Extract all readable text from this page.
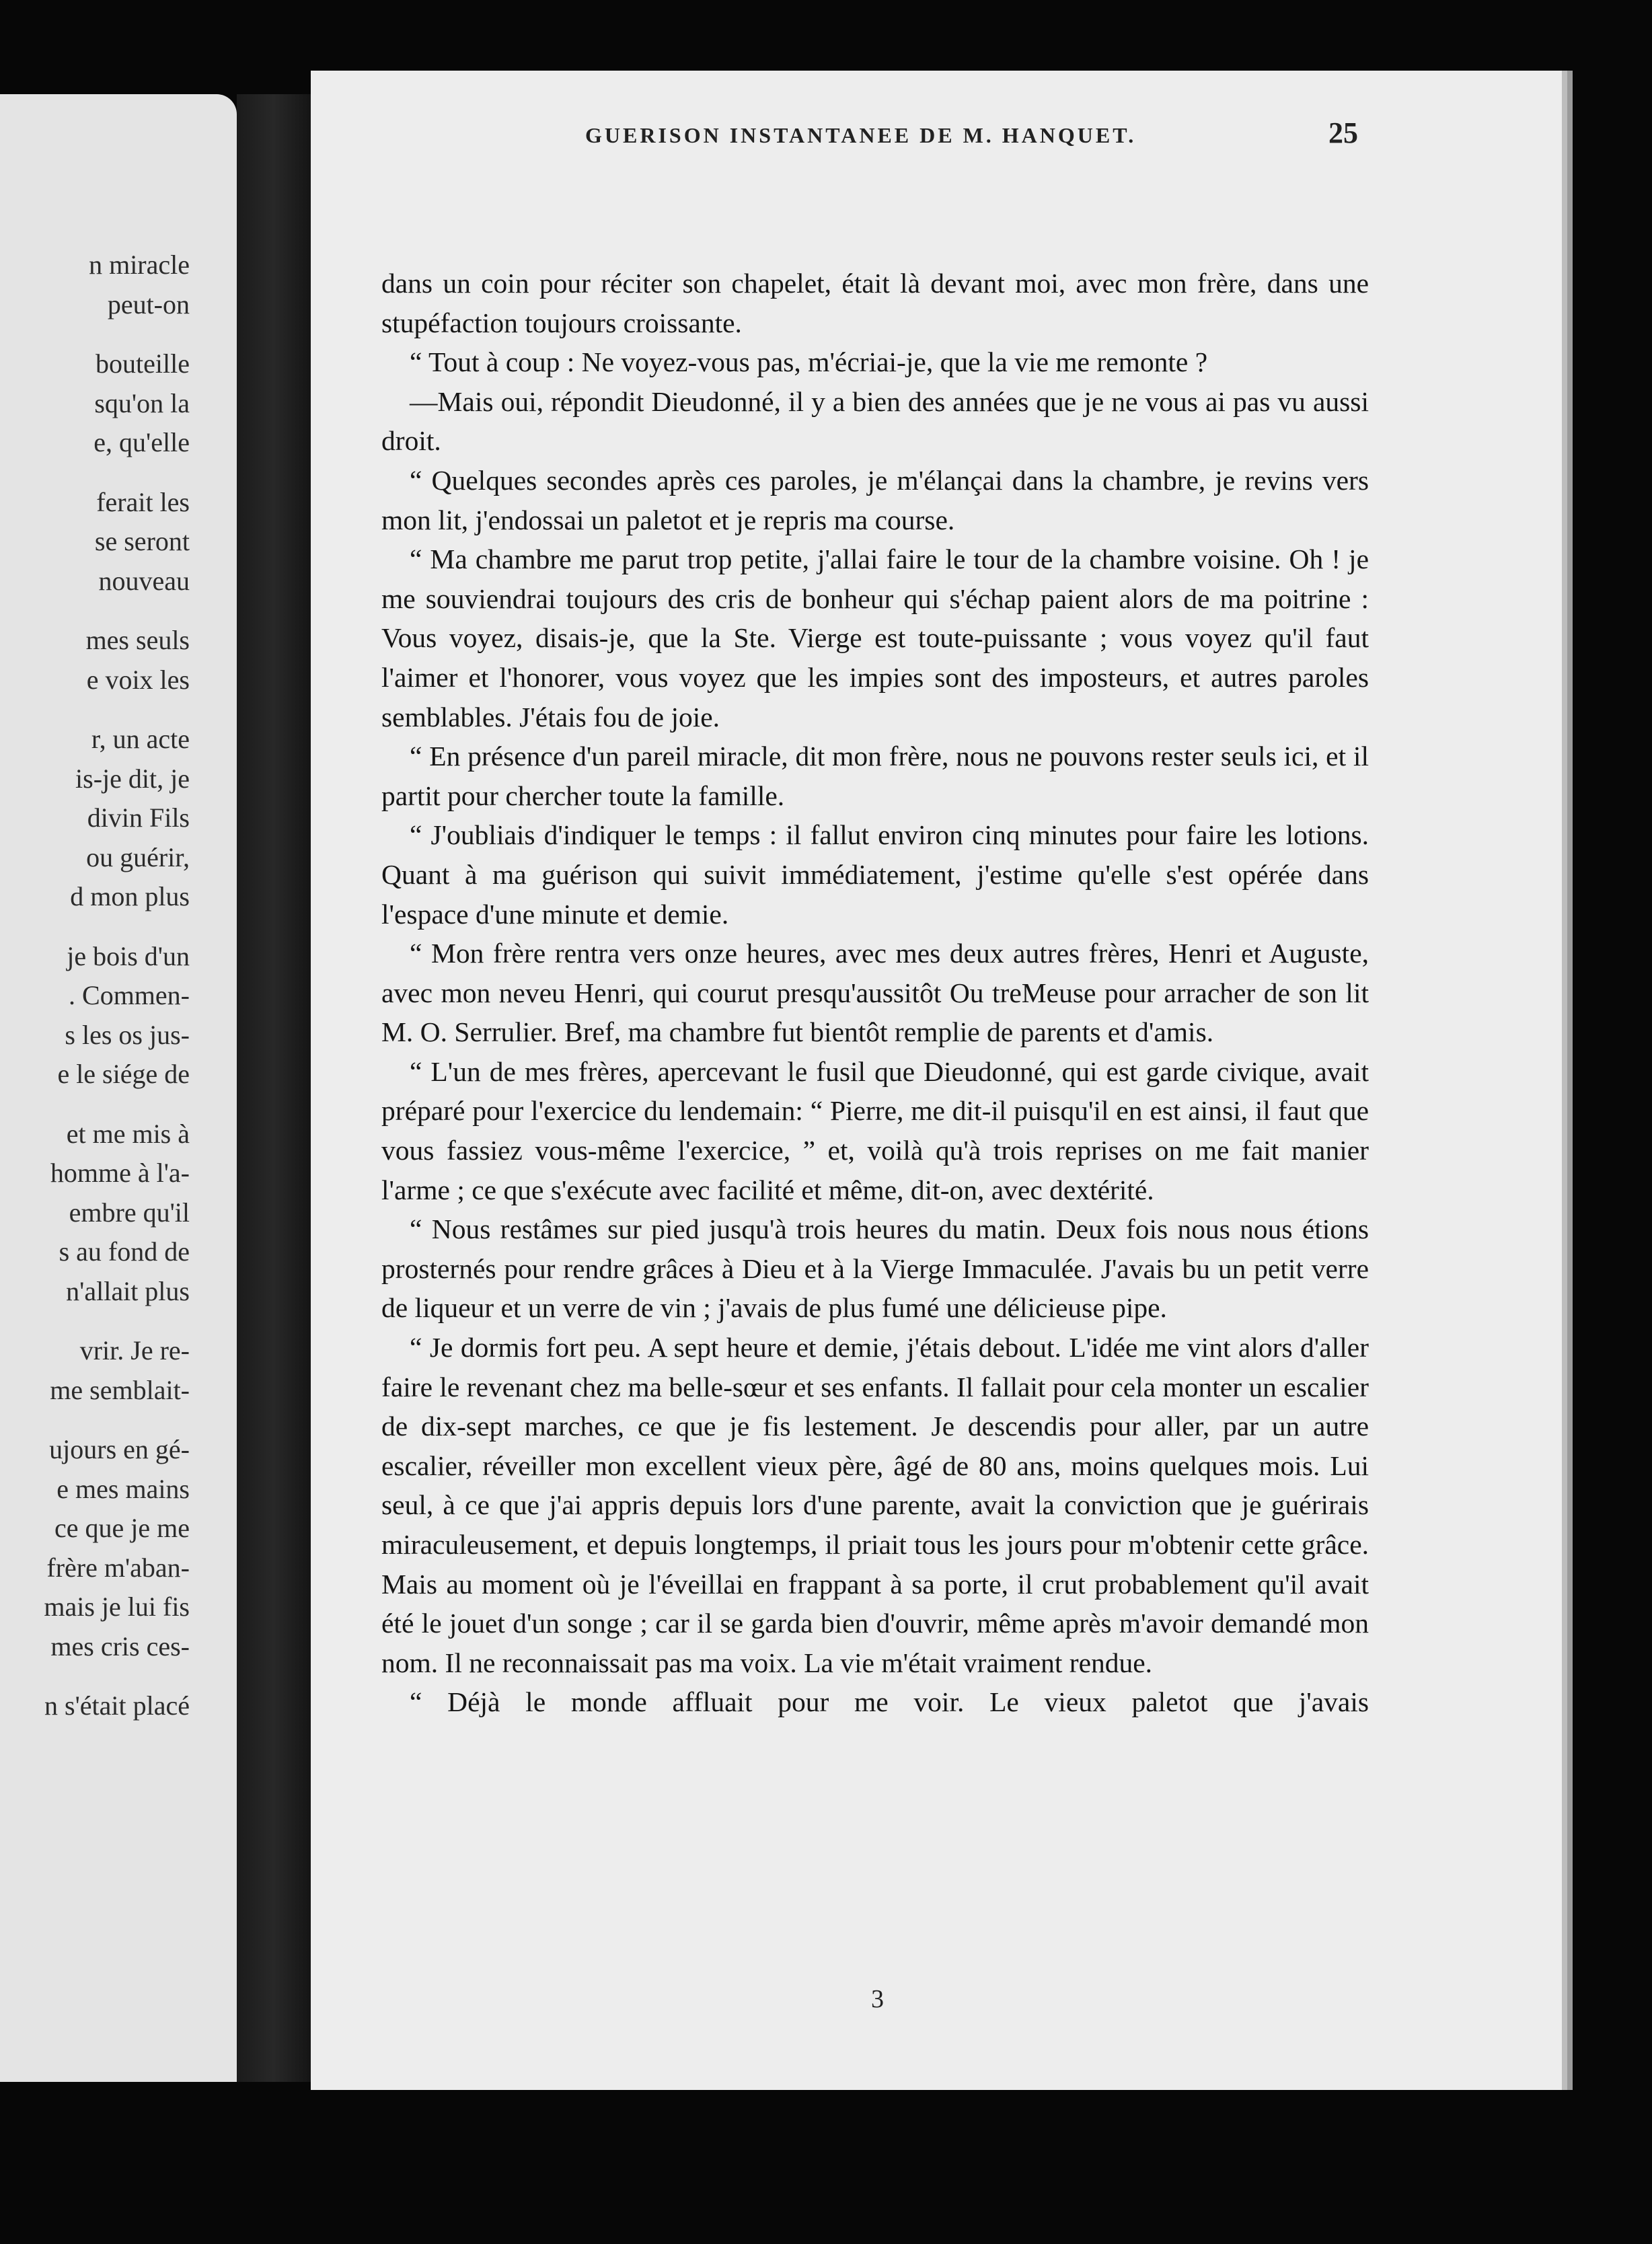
n miracle
peut-on
bouteille
squ'on la
e, qu'elle
ferait les
se seront
nouveau
mes seuls
e voix les
r, un acte
is-je dit, je
divin Fils
ou guérir,
d mon plus
je bois d'un
. Commen-
s les os jus-
e le siége de
et me mis à
homme à l'a-
embre qu'il
s au fond de
n'allait plus
vrir. Je re-
me semblait-
ujours en gé-
e mes mains
ce que je me
frère m'aban-
mais je lui fis
mes cris ces-
n s'était placé
GUERISON INSTANTANEE DE M. HANQUET.	25

dans un coin pour réciter son chapelet, était là devant moi, avec mon frère, dans une stupéfaction toujours croissante.

“ Tout à coup : Ne voyez-vous pas, m'écriai-je, que la vie me remonte ?

—Mais oui, répondit Dieudonné, il y a bien des années que je ne vous ai pas vu aussi droit.

“ Quelques secondes après ces paroles, je m'élançai dans la chambre, je revins vers mon lit, j'endossai un paletot et je repris ma course.

“ Ma chambre me parut trop petite, j'allai faire le tour de la chambre voisine. Oh ! je me souviendrai toujours des cris de bonheur qui s'échap paient alors de ma poitrine : Vous voyez, disais-je, que la Ste. Vierge est toute-puissante ; vous voyez qu'il faut l'aimer et l'honorer, vous voyez que les impies sont des imposteurs, et autres paroles semblables. J'étais fou de joie.

“ En présence d'un pareil miracle, dit mon frère, nous ne pouvons rester seuls ici, et il partit pour chercher toute la famille.

“ J'oubliais d'indiquer le temps : il fallut environ cinq minutes pour faire les lotions. Quant à ma guérison qui suivit immédiatement, j'estime qu'elle s'est opérée dans l'espace d'une minute et demie.

“ Mon frère rentra vers onze heures, avec mes deux autres frères, Henri et Auguste, avec mon neveu Henri, qui courut presqu'aussitôt Ou treMeuse pour arracher de son lit M. O. Serrulier. Bref, ma chambre fut bientôt remplie de parents et d'amis.

“ L'un de mes frères, apercevant le fusil que Dieudonné, qui est garde civique, avait préparé pour l'exercice du lendemain: “ Pierre, me dit-il puisqu'il en est ainsi, il faut que vous fassiez vous-même l'exercice, ” et, voilà qu'à trois reprises on me fait manier l'arme ; ce que s'exécute avec facilité et même, dit-on, avec dextérité.

“ Nous restâmes sur pied jusqu'à trois heures du matin. Deux fois nous nous étions prosternés pour rendre grâces à Dieu et à la Vierge Immaculée. J'avais bu un petit verre de liqueur et un verre de vin ; j'avais de plus fumé une délicieuse pipe.

“ Je dormis fort peu. A sept heure et demie, j'étais debout. L'idée me vint alors d'aller faire le revenant chez ma belle-sœur et ses enfants. Il fallait pour cela monter un escalier de dix-sept marches, ce que je fis lestement. Je descendis pour aller, par un autre escalier, réveiller mon excellent vieux père, âgé de 80 ans, moins quelques mois. Lui seul, à ce que j'ai appris depuis lors d'une parente, avait la conviction que je guérirais miraculeusement, et depuis longtemps, il priait tous les jours pour m'obtenir cette grâce. Mais au moment où je l'éveillai en frappant à sa porte, il crut probablement qu'il avait été le jouet d'un songe ; car il se garda bien d'ouvrir, même après m'avoir demandé mon nom. Il ne reconnaissait pas ma voix. La vie m'était vraiment rendue.

“ Déjà le monde affluait pour me voir. Le vieux paletot que j'avais

3
